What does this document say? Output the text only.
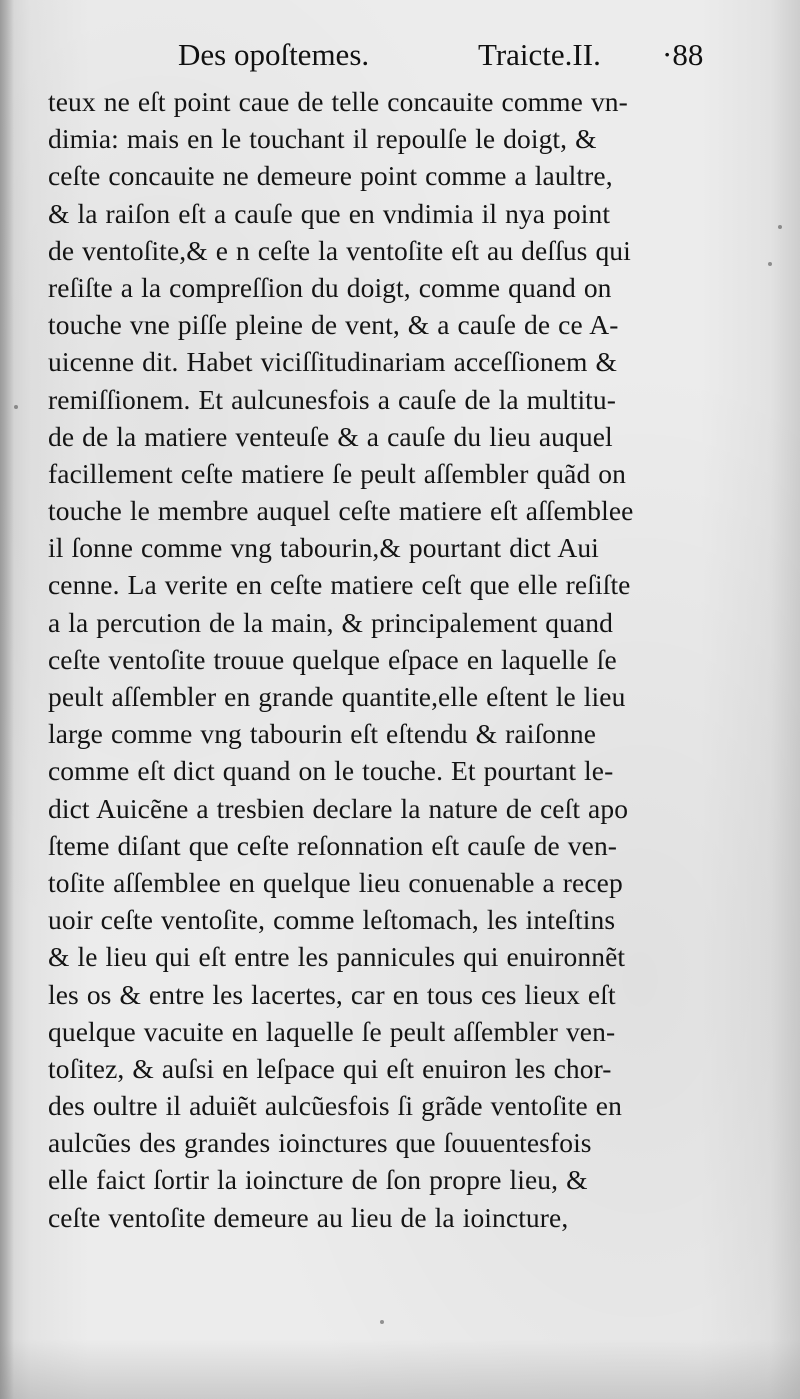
Des opoſtemes.	Traicte.II. ·88
teux ne eſt point caue de telle concauite comme vn-
dimia: mais en le touchant il repoulſe le doigt, &
ceſte concauite ne demeure point comme a laultre,
& la raiſon eſt a cauſe que en vndimia il nya point
de ventoſite,& e n ceſte la ventoſite eſt au deſſus qui
reſiſte a la compreſſion du doigt, comme quand on
touche vne piſſe pleine de vent, & a cauſe de ce A-
uicenne dit. Habet viciſſitudinariam acceſſionem &
remiſſionem. Et aulcunesfois a cauſe de la multitu-
de de la matiere venteuſe & a cauſe du lieu auquel
facillement ceſte matiere ſe peult aſſembler quãd on
touche le membre auquel ceſte matiere eſt aſſemblee
il ſonne comme vng tabourin,& pourtant dict Aui
cenne. La verite en ceſte matiere ceſt que elle reſiſte
a la percution de la main, & principalement quand
ceſte ventoſite trouue quelque eſpace en laquelle ſe
peult aſſembler en grande quantite,elle eſtent le lieu
large comme vng tabourin eſt eſtendu & raiſonne
comme eſt dict quand on le touche. Et pourtant le-
dict Auicẽne a tresbien declare la nature de ceſt apo
ſteme diſant que ceſte reſonnation eſt cauſe de ven-
toſite aſſemblee en quelque lieu conuenable a recep
uoir ceſte ventoſite, comme leſtomach, les inteſtins
& le lieu qui eſt entre les pannicules qui enuironnẽt
les os & entre les lacertes, car en tous ces lieux eſt
quelque vacuite en laquelle ſe peult aſſembler ven-
toſitez, & auſsi en leſpace qui eſt enuiron les chor-
des oultre il aduiẽt aulcũesfois ſi grãde ventoſite en
aulcũes des grandes ioinctures que ſouuentesfois
elle faict ſortir la ioincture de ſon propre lieu, &
ceſte ventoſite demeure au lieu de la ioincture,
